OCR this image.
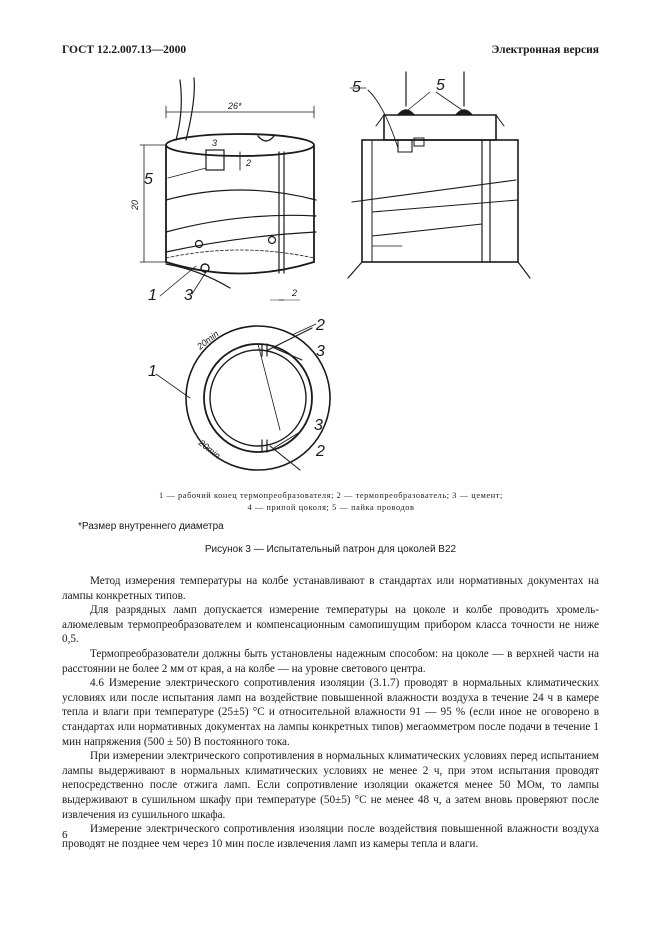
ГОСТ 12.2.007.13—2000	Электронная версия
5
1 3
5	5
1
2
3
3
2
26*
20
3
2
2
20min
20min
1 — рабочий конец термопреобразователя; 2 — термопреобразователь; 3 — цемент;
4 — припой цоколя; 5 — пайка проводов
*Размер внутреннего диаметра
Рисунок 3 — Испытательный патрон для цоколей B22

Метод измерения температуры на колбе устанавливают в стандартах или нормативных документах на лампы конкретных типов.

Для разрядных ламп допускается измерение температуры на цоколе и колбе проводить хромель-алюмелевым термопреобразователем и компенсационным самопишущим прибором класса точности не ниже 0,5.

Термопреобразователи должны быть установлены надежным способом: на цоколе — в верхней части на расстоянии не более 2 мм от края, а на колбе — на уровне светового центра.

4.6 Измерение электрического сопротивления изоляции (3.1.7) проводят в нормальных климатических условиях или после испытания ламп на воздействие повышенной влажности воздуха в течение 24 ч в камере тепла и влаги при температуре (25±5) °С и относительной влажности 91 — 95 % (если иное не оговорено в стандартах или нормативных документах на лампы конкретных типов) мегаомметром после подачи в течение 1 мин напряжения (500 ± 50) В постоянного тока.

При измерении электрического сопротивления в нормальных климатических условиях перед испытанием лампы выдерживают в нормальных климатических условиях не менее 2 ч, при этом испытания проводят непосредственно после отжига ламп. Если сопротивление изоляции окажется менее 50 МОм, то лампы выдерживают в сушильном шкафу при температуре (50±5) °С не менее 48 ч, а затем вновь проверяют после извлечения из сушильного шкафа.

Измерение электрического сопротивления изоляции после воздействия повышенной влажности воздуха проводят не позднее чем через 10 мин после извлечения ламп из камеры тепла и влаги.

6
